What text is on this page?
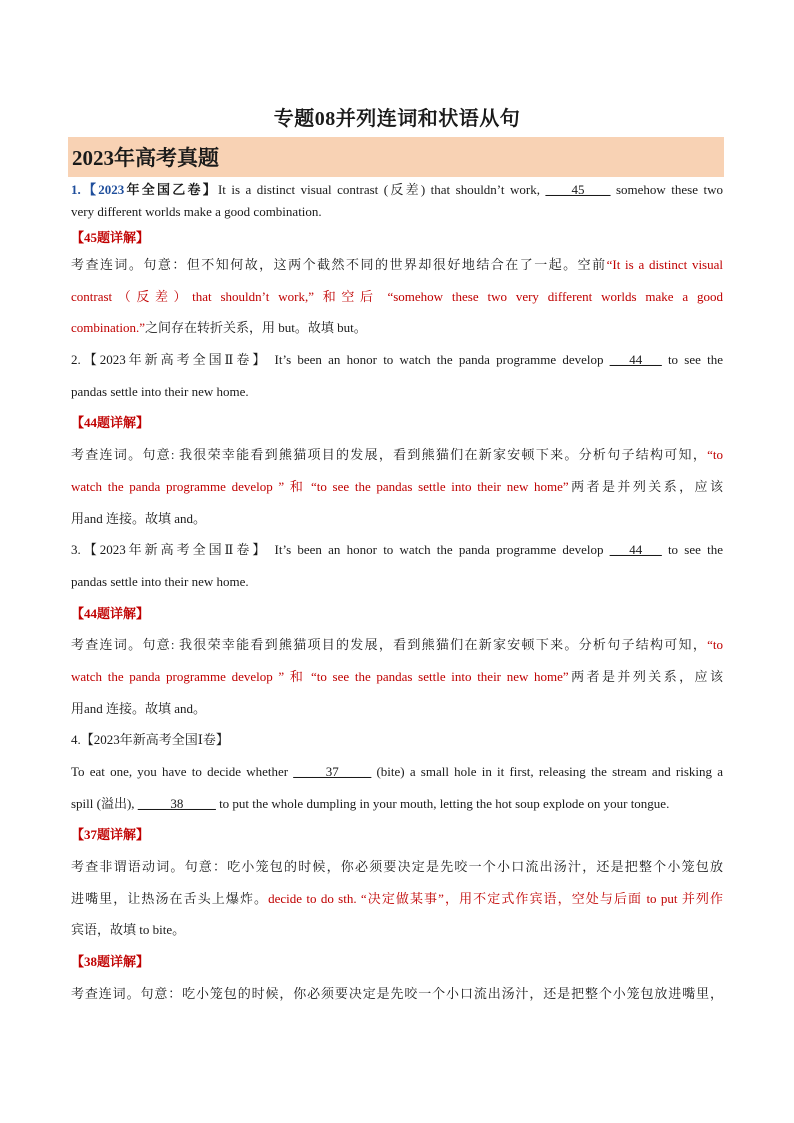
专题08并列连词和状语从句
2023年高考真题
1.【2023年全国乙卷】It is a distinct visual contrast (反差) that shouldn’t work, ____45____ somehow these two
very different worlds make a good combination.
【45题详解】
考查连词。句意：但不知何故，这两个截然不同的世界却很好地结合在了一起。空前“It is a distinct visual
contrast（反差）that shouldn’t work,” 和空后 “somehow these two very different worlds make a good
combination.”之间存在转折关系，用 but。故填 but。
2.【2023年新高考全国Ⅱ卷】 It’s been an honor to watch the panda programme develop ___44___ to see the
pandas settle into their new home.
【44题详解】
考查连词。句意: 我很荣幸能看到熊猫项目的发展，看到熊猫们在新家安顿下来。分析句子结构可知，“to
watch the panda programme develop ” 和 “to see the pandas settle into their new home”两者是并列关系，应该
用and 连接。故填 and。
3.【2023年新高考全国Ⅱ卷】 It’s been an honor to watch the panda programme develop ___44___ to see the
pandas settle into their new home.
【44题详解】
考查连词。句意: 我很荣幸能看到熊猫项目的发展，看到熊猫们在新家安顿下来。分析句子结构可知，“to
watch the panda programme develop ” 和 “to see the pandas settle into their new home”两者是并列关系，应该
用and 连接。故填 and。
4.【2023年新高考全国Ⅰ卷】
To eat one, you have to decide whether _____37_____ (bite) a small hole in it first, releasing the stream and risking a
spill (溢出), _____38_____ to put the whole dumpling in your mouth, letting the hot soup explode on your tongue.
【37题详解】
考查非谓语动词。句意：吃小笼包的时候，你必须要决定是先咬一个小口流出汤汁，还是把整个小笼包放
进嘴里，让热汤在舌头上爆炸。decide to do sth. “决定做某事”，用不定式作宾语，空处与后面 to put 并列作
宾语，故填 to bite。
【38题详解】
考查连词。句意：吃小笼包的时候，你必须要决定是先咬一个小口流出汤汁，还是把整个小笼包放进嘴里，
